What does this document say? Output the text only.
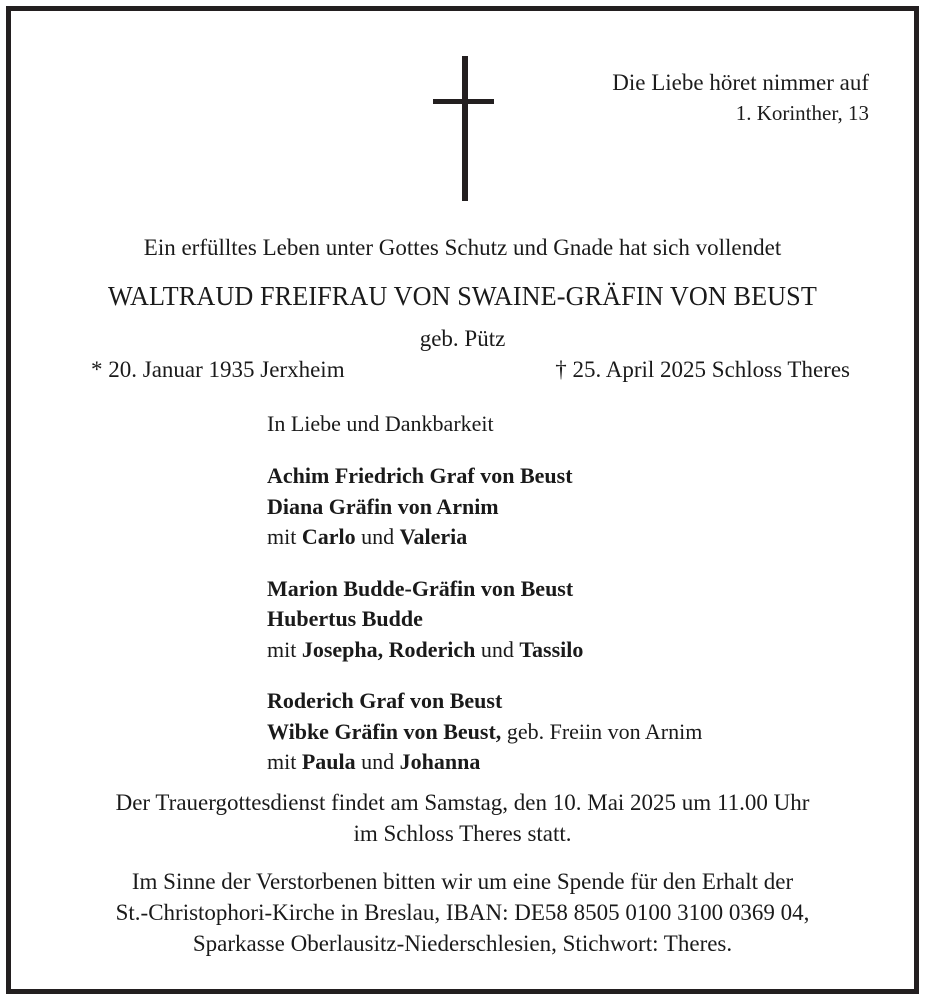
Die Liebe höret nimmer auf
1. Korinther, 13
Ein erfülltes Leben unter Gottes Schutz und Gnade hat sich vollendet
WALTRAUD FREIFRAU VON SWAINE-GRÄFIN VON BEUST
geb. Pütz
* 20. Januar 1935 Jerxheim	† 25. April 2025 Schloss Theres
In Liebe und Dankbarkeit
Achim Friedrich Graf von Beust
Diana Gräfin von Arnim
mit Carlo und Valeria
Marion Budde-Gräfin von Beust
Hubertus Budde
mit Josepha, Roderich und Tassilo
Roderich Graf von Beust
Wibke Gräfin von Beust, geb. Freiin von Arnim
mit Paula und Johanna
Der Trauergottesdienst findet am Samstag, den 10. Mai 2025 um 11.00 Uhr
im Schloss Theres statt.
Im Sinne der Verstorbenen bitten wir um eine Spende für den Erhalt der
St.-Christophori-Kirche in Breslau, IBAN: DE58 8505 0100 3100 0369 04,
Sparkasse Oberlausitz-Niederschlesien, Stichwort: Theres.
